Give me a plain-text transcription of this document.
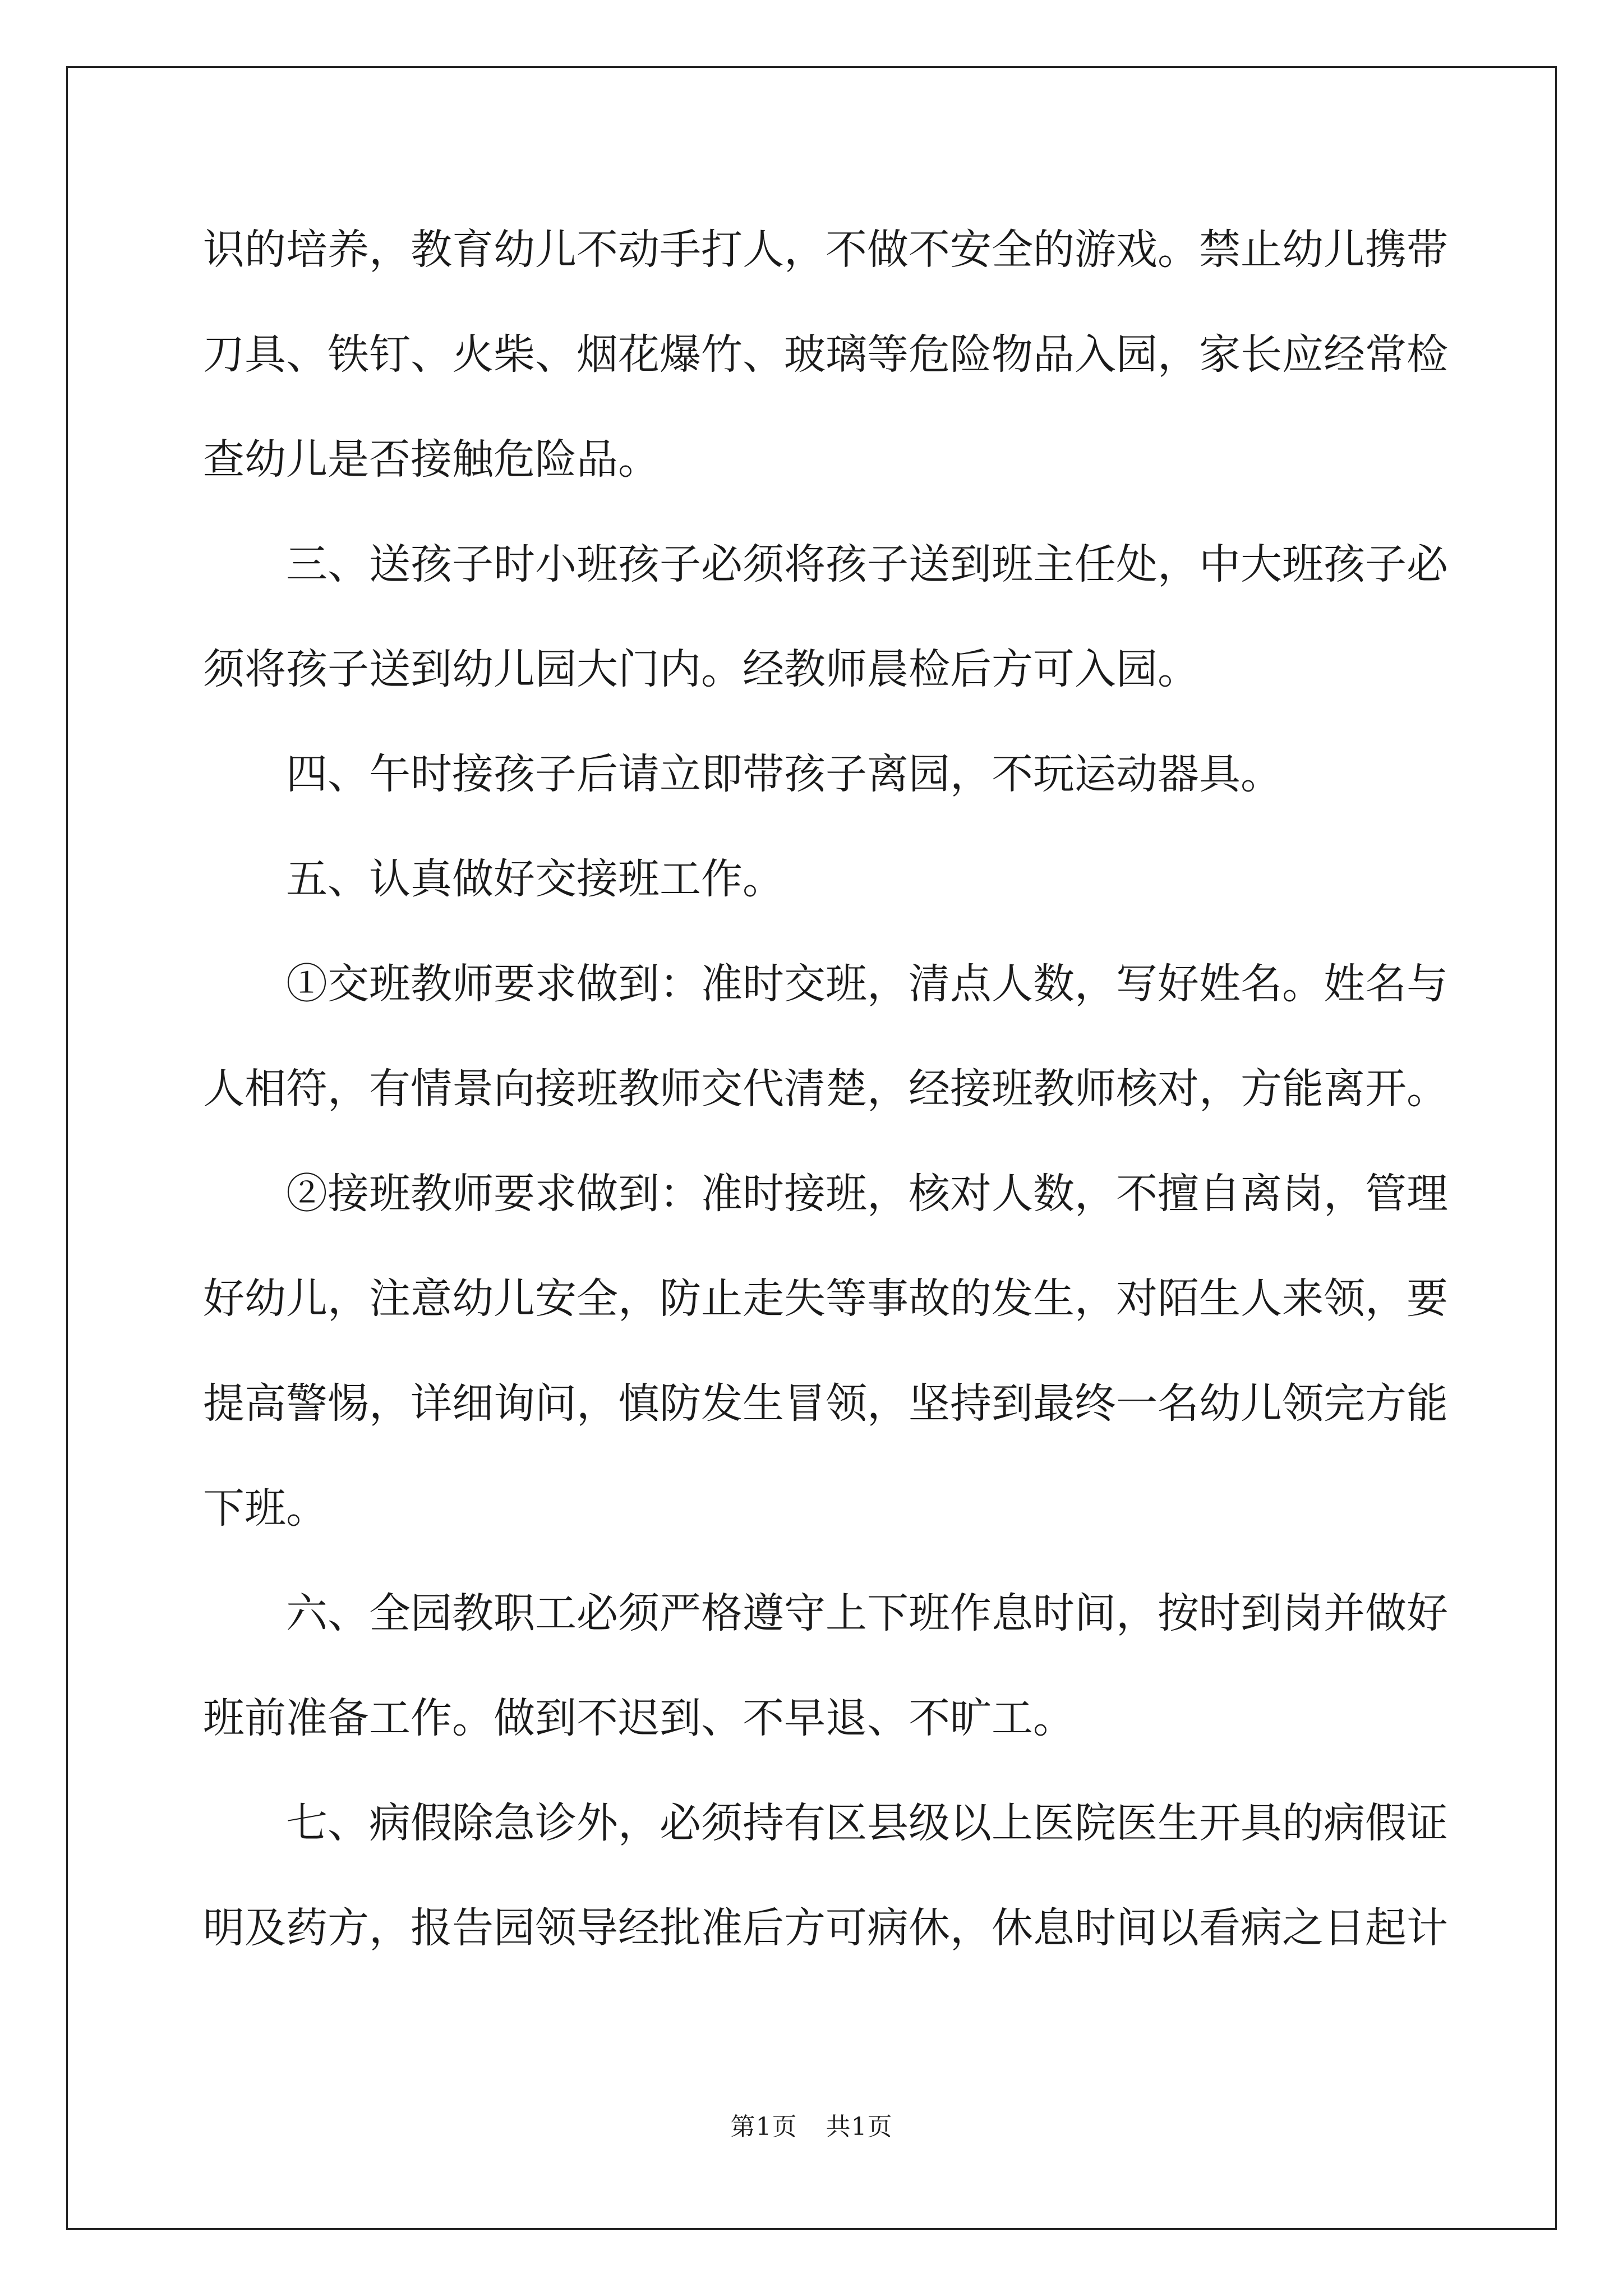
识的培养，教育幼儿不动手打人，不做不安全的游戏。禁止幼儿携带
刀具、铁钉、火柴、烟花爆竹、玻璃等危险物品入园，家长应经常检
查幼儿是否接触危险品。
三、送孩子时小班孩子必须将孩子送到班主任处，中大班孩子必
须将孩子送到幼儿园大门内。经教师晨检后方可入园。
四、午时接孩子后请立即带孩子离园，不玩运动器具。
五、认真做好交接班工作。
①交班教师要求做到：准时交班，清点人数，写好姓名。姓名与
人相符，有情景向接班教师交代清楚，经接班教师核对，方能离开。
②接班教师要求做到：准时接班，核对人数，不擅自离岗，管理
好幼儿，注意幼儿安全，防止走失等事故的发生，对陌生人来领，要
提高警惕，详细询问，慎防发生冒领，坚持到最终一名幼儿领完方能
下班。
六、全园教职工必须严格遵守上下班作息时间，按时到岗并做好
班前准备工作。做到不迟到、不早退、不旷工。
七、病假除急诊外，必须持有区县级以上医院医生开具的病假证
明及药方，报告园领导经批准后方可病休，休息时间以看病之日起计
第1页 共1页
